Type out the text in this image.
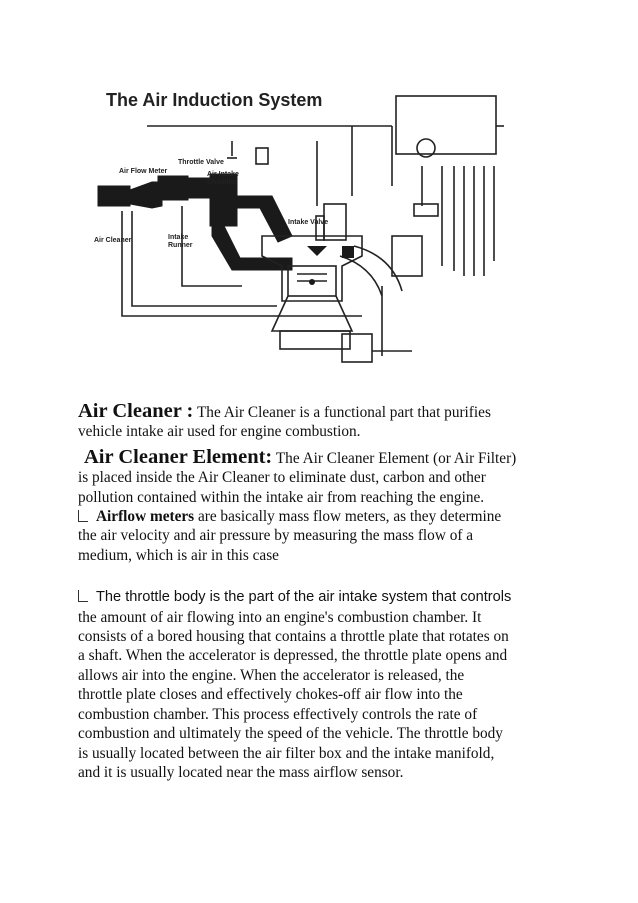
Throttle Valve
Air Flow Meter	Air Intake
Chamber
Air Cleaner	Intake
Runner
Intake Valve
The Air Induction System

Air Cleaner : The Air Cleaner is a functional part that purifies

vehicle intake air used for engine combustion.

Air Cleaner Element: The Air Cleaner Element (or Air Filter)

is placed inside the Air Cleaner to eliminate dust, carbon and other

pollution contained within the intake air from reaching the engine.

Airflow meters are basically mass flow meters, as they determine

the air velocity and air pressure by measuring the mass flow of a

medium, which is air in this case

The throttle body is the part of the air intake system that controls

the amount of air flowing into an engine's combustion chamber. It

consists of a bored housing that contains a throttle plate that rotates on

a shaft. When the accelerator is depressed, the throttle plate opens and

allows air into the engine. When the accelerator is released, the

throttle plate closes and effectively chokes-off air flow into the

combustion chamber. This process effectively controls the rate of

combustion and ultimately the speed of the vehicle. The throttle body

is usually located between the air filter box and the intake manifold,

and it is usually located near the mass airflow sensor.
